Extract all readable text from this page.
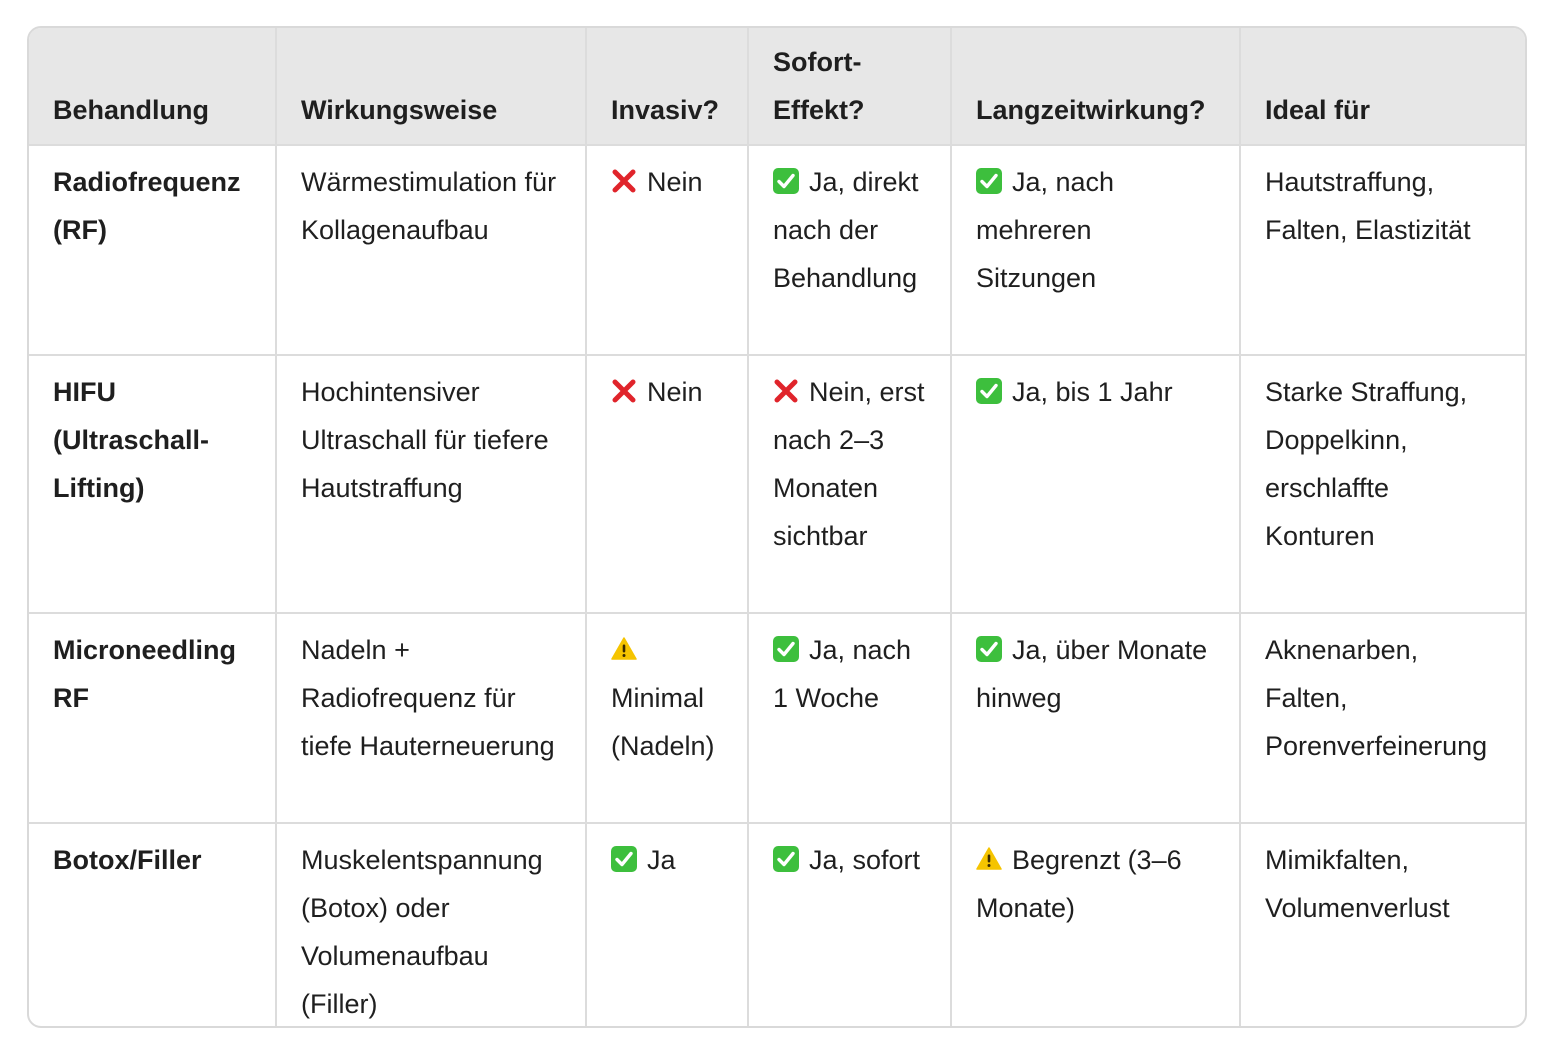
Behandlung	Wirkungsweise	Invasiv?	Sofort-Effekt?	Langzeitwirkung?	Ideal für
Radiofrequenz (RF)	Wärmestimulation für Kollagenaufbau	Nein	Ja, direkt nach der Behandlung	Ja, nach mehreren Sitzungen	Hautstraffung, Falten, Elastizität
HIFU (Ultraschall-Lifting)	Hochintensiver Ultraschall für tiefere Hautstraffung	Nein	Nein, erst nach 2–3 Monaten sichtbar	Ja, bis 1 Jahr	Starke Straffung, Doppelkinn, erschlaffte Konturen
Microneedling RF	Nadeln + Radiofrequenz für tiefe Hauterneuerung	Minimal (Nadeln)	Ja, nach 1 Woche	Ja, über Monate hinweg	Aknenarben, Falten, Porenverfeinerung
Botox/Filler	Muskelentspannung (Botox) oder Volumenaufbau (Filler)	Ja	Ja, sofort	Begrenzt (3–6 Monate)	Mimikfalten, Volumenverlust
